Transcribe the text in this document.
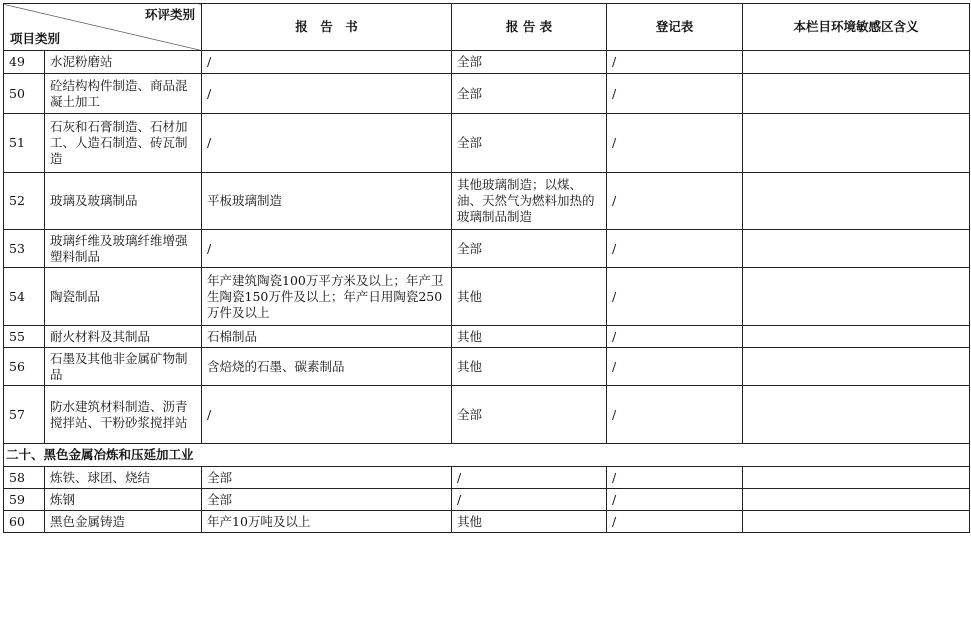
环评类别
项目类别		报　告　书	报 告 表	登记表	本栏目环境敏感区含义
49	水泥粉磨站	/	全部	/	
50	砼结构构件制造、商品混凝土加工	/	全部	/	
51	石灰和石膏制造、石材加工、人造石制造、砖瓦制造	/	全部	/	
52	玻璃及玻璃制品	平板玻璃制造	其他玻璃制造；以煤、油、天然气为燃料加热的玻璃制品制造	/	
53	玻璃纤维及玻璃纤维增强塑料制品	/	全部	/	
54	陶瓷制品	年产建筑陶瓷100万平方米及以上；年产卫生陶瓷150万件及以上；年产日用陶瓷250万件及以上	其他	/	
55	耐火材料及其制品	石棉制品	其他	/	
56	石墨及其他非金属矿物制品	含焙烧的石墨、碳素制品	其他	/	
57	防水建筑材料制造、沥青搅拌站、干粉砂浆搅拌站	/	全部	/	
二十、黑色金属冶炼和压延加工业					
58	炼铁、球团、烧结	全部	/	/	
59	炼钢	全部	/	/	
60	黑色金属铸造	年产10万吨及以上	其他	/	
